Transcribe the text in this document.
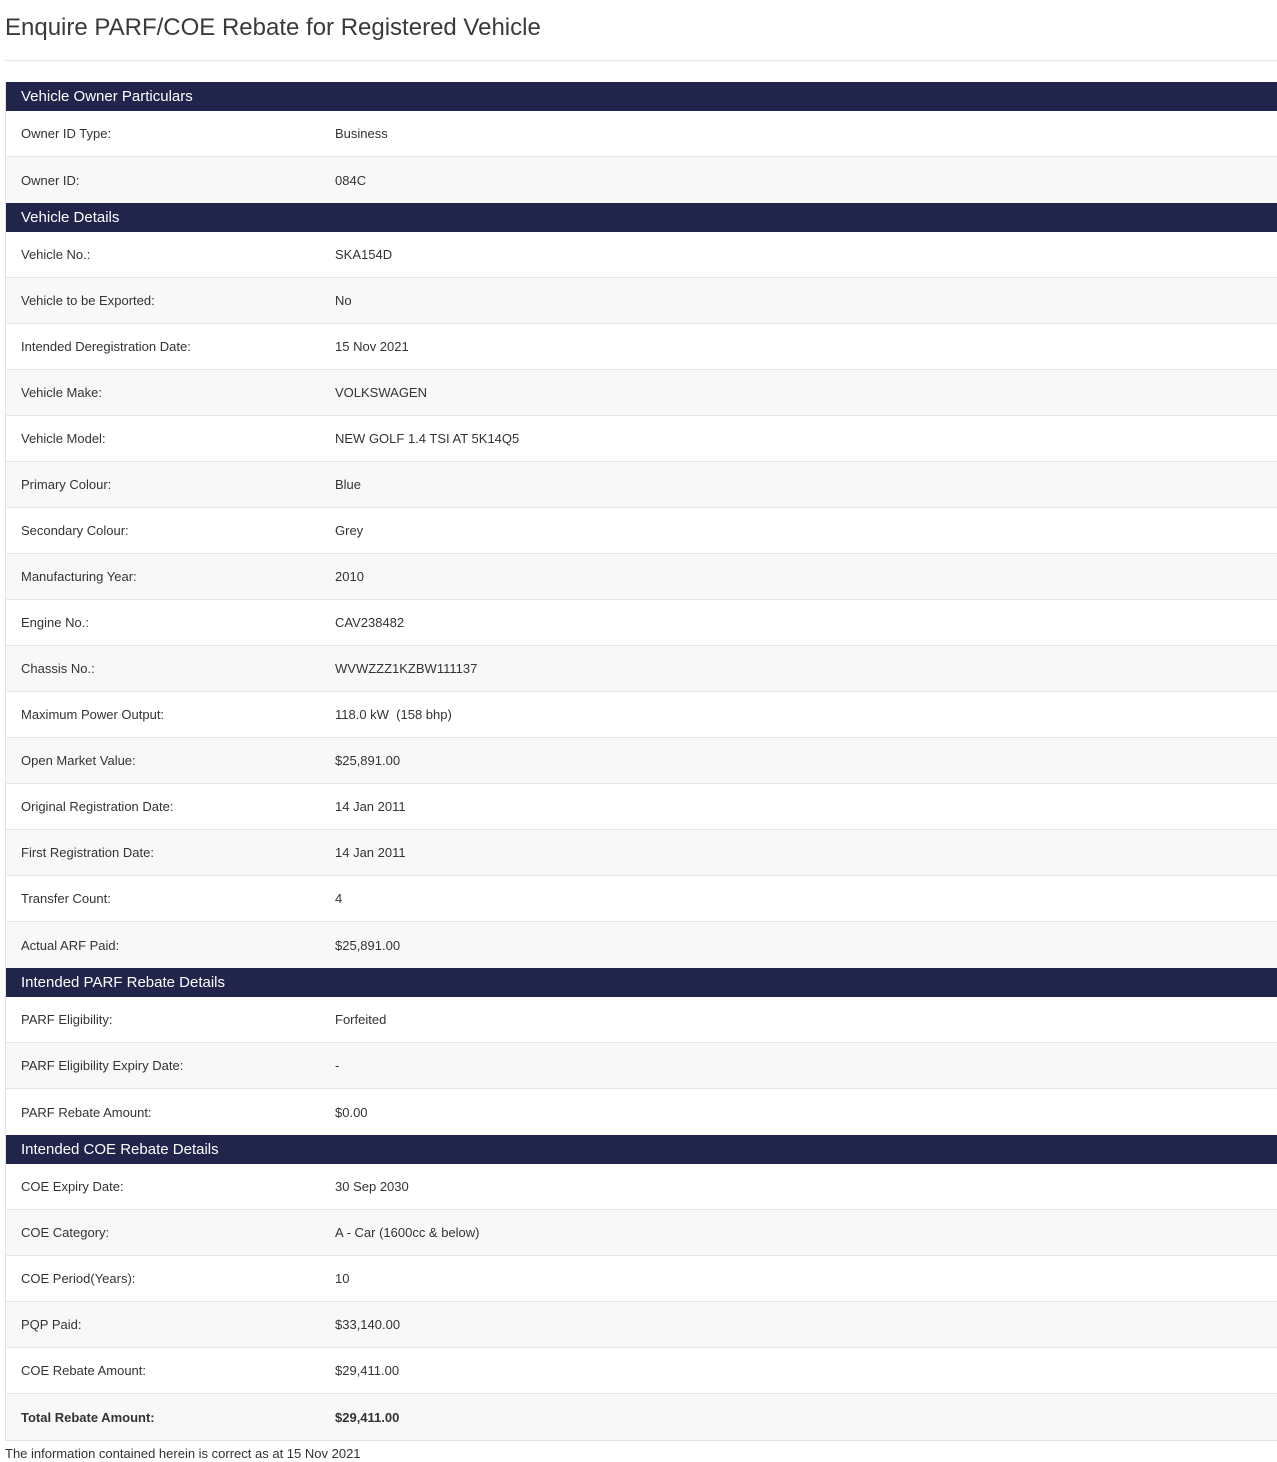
Enquire PARF/COE Rebate for Registered Vehicle
Vehicle Owner Particulars
Owner ID Type:	Business
Owner ID:	084C
Vehicle Details
Vehicle No.:	SKA154D
Vehicle to be Exported:	No
Intended Deregistration Date:	15 Nov 2021
Vehicle Make:	VOLKSWAGEN
Vehicle Model:	NEW GOLF 1.4 TSI AT 5K14Q5
Primary Colour:	Blue
Secondary Colour:	Grey
Manufacturing Year:	2010
Engine No.:	CAV238482
Chassis No.:	WVWZZZ1KZBW111137
Maximum Power Output:	118.0 kW  (158 bhp)
Open Market Value:	$25,891.00
Original Registration Date:	14 Jan 2011
First Registration Date:	14 Jan 2011
Transfer Count:	4
Actual ARF Paid:	$25,891.00
Intended PARF Rebate Details
PARF Eligibility:	Forfeited
PARF Eligibility Expiry Date:	-
PARF Rebate Amount:	$0.00
Intended COE Rebate Details
COE Expiry Date:	30 Sep 2030
COE Category:	A - Car (1600cc & below)
COE Period(Years):	10
PQP Paid:	$33,140.00
COE Rebate Amount:	$29,411.00
Total Rebate Amount:	$29,411.00
The information contained herein is correct as at 15 Nov 2021
